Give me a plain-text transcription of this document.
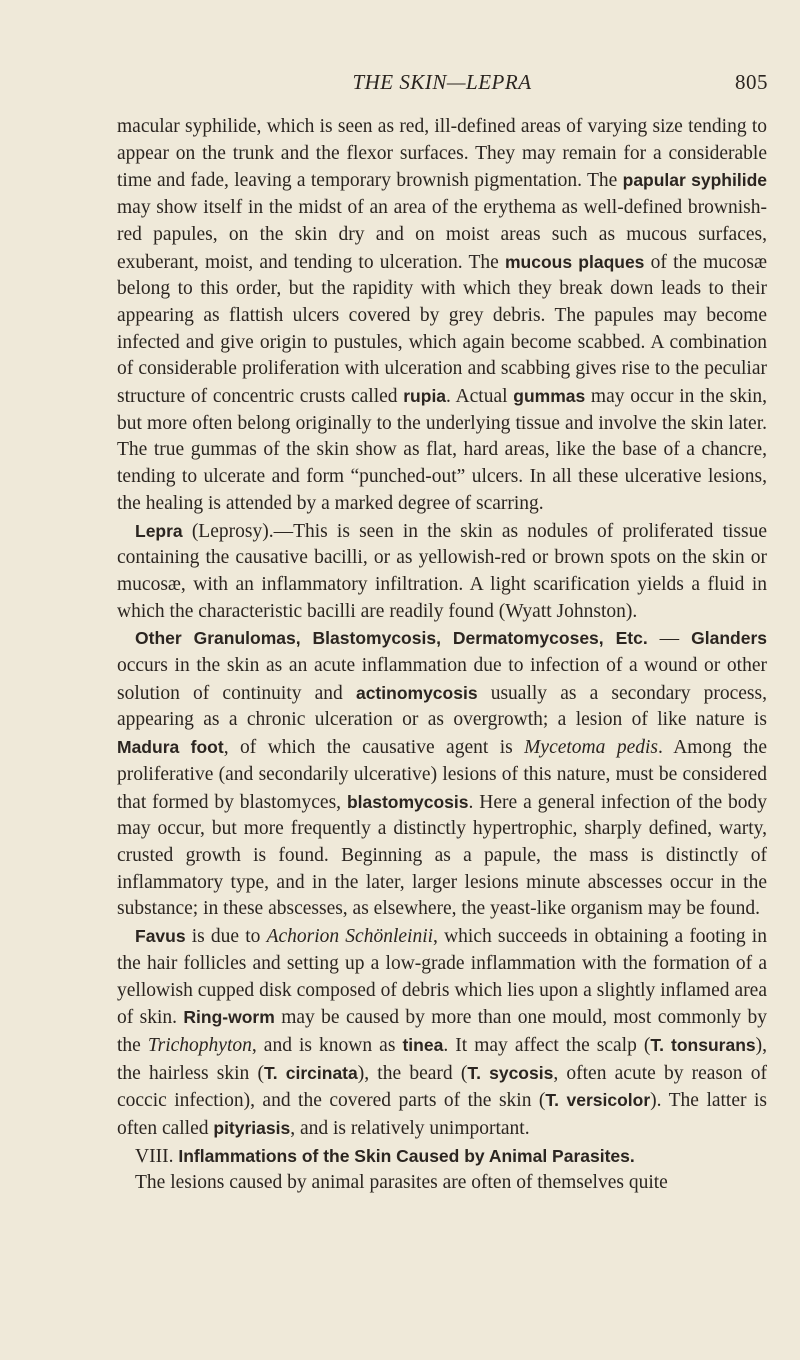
THE SKIN—LEPRA	805

macular syphilide, which is seen as red, ill-defined areas of varying size tending to appear on the trunk and the flexor surfaces. They may remain for a considerable time and fade, leaving a temporary brownish pigmentation. The papular syphilide may show itself in the midst of an area of the erythema as well-defined brownish-red papules, on the skin dry and on moist areas such as mucous surfaces, exuberant, moist, and tending to ulceration. The mucous plaques of the mucosæ belong to this order, but the rapidity with which they break down leads to their appearing as flattish ulcers covered by grey debris. The papules may become infected and give origin to pustules, which again become scabbed. A combination of considerable proliferation with ulceration and scabbing gives rise to the peculiar structure of concentric crusts called rupia. Actual gummas may occur in the skin, but more often belong originally to the underlying tissue and involve the skin later. The true gummas of the skin show as flat, hard areas, like the base of a chancre, tending to ulcerate and form “punched-out” ulcers. In all these ulcerative lesions, the healing is attended by a marked degree of scarring.

Lepra (Leprosy).—This is seen in the skin as nodules of proliferated tissue containing the causative bacilli, or as yellowish-red or brown spots on the skin or mucosæ, with an inflammatory infiltration. A light scarification yields a fluid in which the characteristic bacilli are readily found (Wyatt Johnston).

Other Granulomas, Blastomycosis, Dermatomycoses, Etc. — Glanders occurs in the skin as an acute inflammation due to infection of a wound or other solution of continuity and actinomycosis usually as a secondary process, appearing as a chronic ulceration or as overgrowth; a lesion of like nature is Madura foot, of which the causative agent is Mycetoma pedis. Among the proliferative (and secondarily ulcerative) lesions of this nature, must be considered that formed by blastomyces, blastomycosis. Here a general infection of the body may occur, but more frequently a distinctly hypertrophic, sharply defined, warty, crusted growth is found. Beginning as a papule, the mass is distinctly of inflammatory type, and in the later, larger lesions minute abscesses occur in the substance; in these abscesses, as elsewhere, the yeast-like organism may be found.

Favus is due to Achorion Schönleinii, which succeeds in obtaining a footing in the hair follicles and setting up a low-grade inflammation with the formation of a yellowish cupped disk composed of debris which lies upon a slightly inflamed area of skin. Ring-worm may be caused by more than one mould, most commonly by the Trichophyton, and is known as tinea. It may affect the scalp (T. tonsurans), the hairless skin (T. circinata), the beard (T. sycosis, often acute by reason of coccic infection), and the covered parts of the skin (T. versicolor). The latter is often called pityriasis, and is relatively unimportant.

VIII. Inflammations of the Skin Caused by Animal Parasites.

The lesions caused by animal parasites are often of themselves quite
